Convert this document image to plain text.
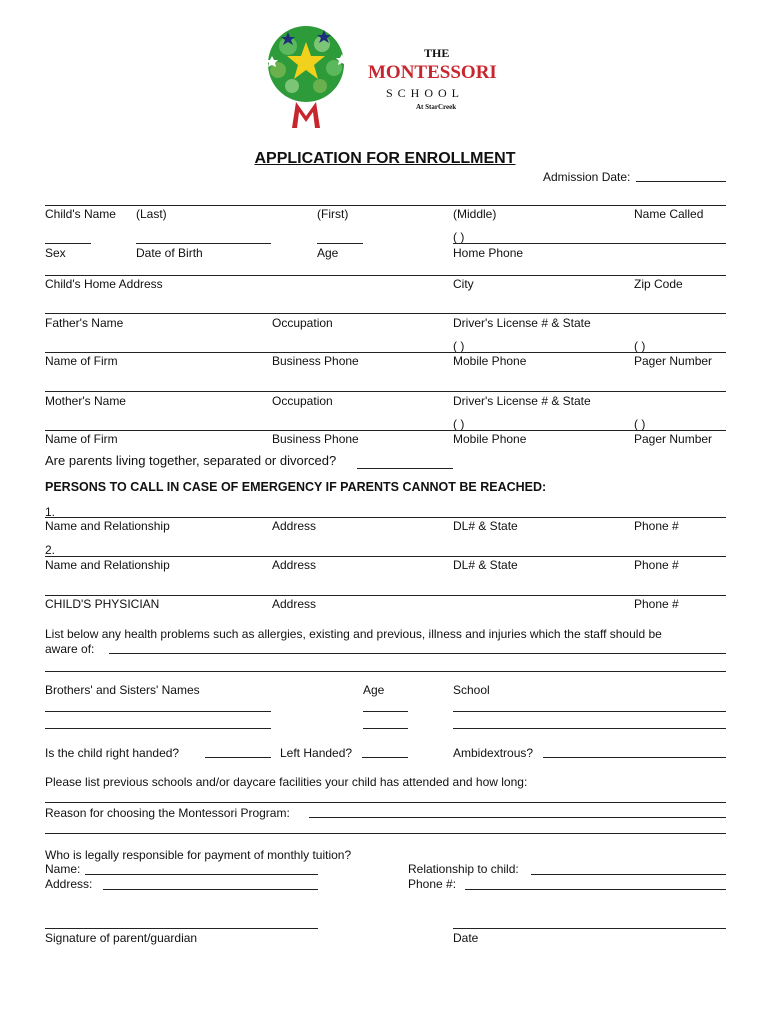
THE
MONTESSORI
S C H O O L
At StarCreek
APPLICATION FOR ENROLLMENT
Admission Date:
Child's Name (Last)	(First)	(Middle)	Name Called
( )
Sex	Date of Birth	Age	Home Phone
Child's Home Address	City	Zip Code
Father's Name	Occupation	Driver's License # & State
( )	( )
Name of Firm	Business Phone	Mobile Phone	Pager Number
Mother's Name	Occupation	Driver's License # & State
( )	( )
Name of Firm	Business Phone	Mobile Phone	Pager Number
Are parents living together, separated or divorced?
PERSONS TO CALL IN CASE OF EMERGENCY IF PARENTS CANNOT BE REACHED:
1.
Name and Relationship	Address	DL# & State	Phone #
2.
Name and Relationship	Address	DL# & State	Phone #
CHILD'S PHYSICIAN	Address	Phone #
List below any health problems such as allergies, existing and previous, illness and injuries which the staff should be
aware of:
Brothers' and Sisters' Names	Age	School
Is the child right handed?	Left Handed?	Ambidextrous?
Please list previous schools and/or daycare facilities your child has attended and how long:
Reason for choosing the Montessori Program:
Who is legally responsible for payment of monthly tuition?
Name:
Address:
Relationship to child:
Phone #:
Signature of parent/guardian	Date
